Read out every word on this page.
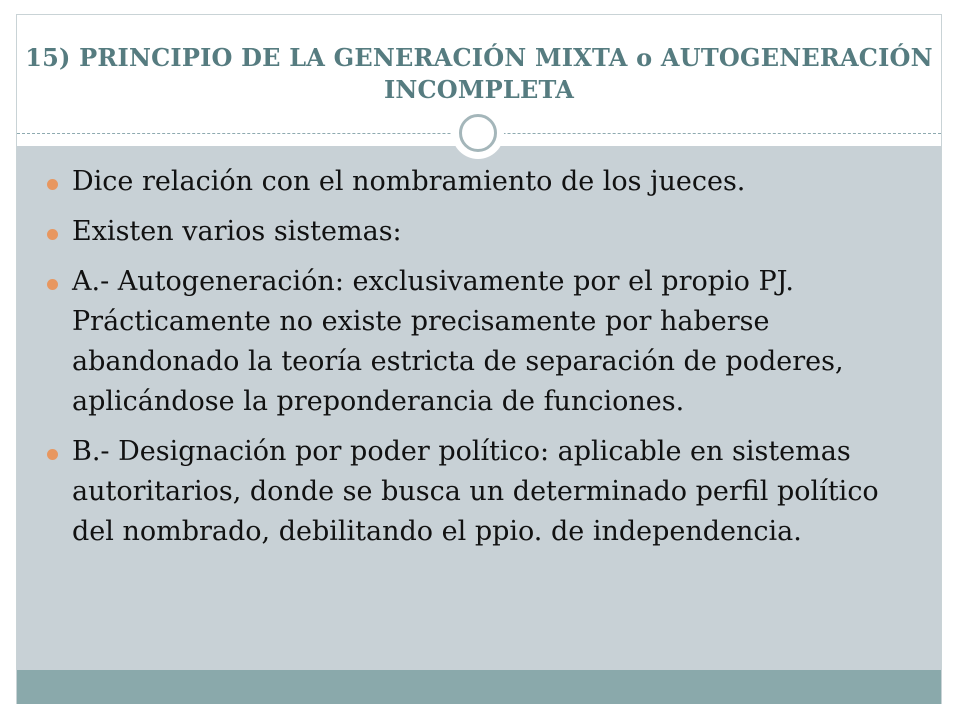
15) PRINCIPIO DE LA GENERACIÓN MIXTA o AUTOGENERACIÓN INCOMPLETA
Dice relación con el nombramiento de los jueces.
Existen varios sistemas:
A.- Autogeneración: exclusivamente por el propio PJ. Prácticamente no existe precisamente por haberse abandonado la teoría estricta de separación de poderes, aplicándose la preponderancia de funciones.
B.- Designación por poder político: aplicable en sistemas autoritarios, donde se busca un determinado perfil político del nombrado, debilitando el ppio. de independencia.
